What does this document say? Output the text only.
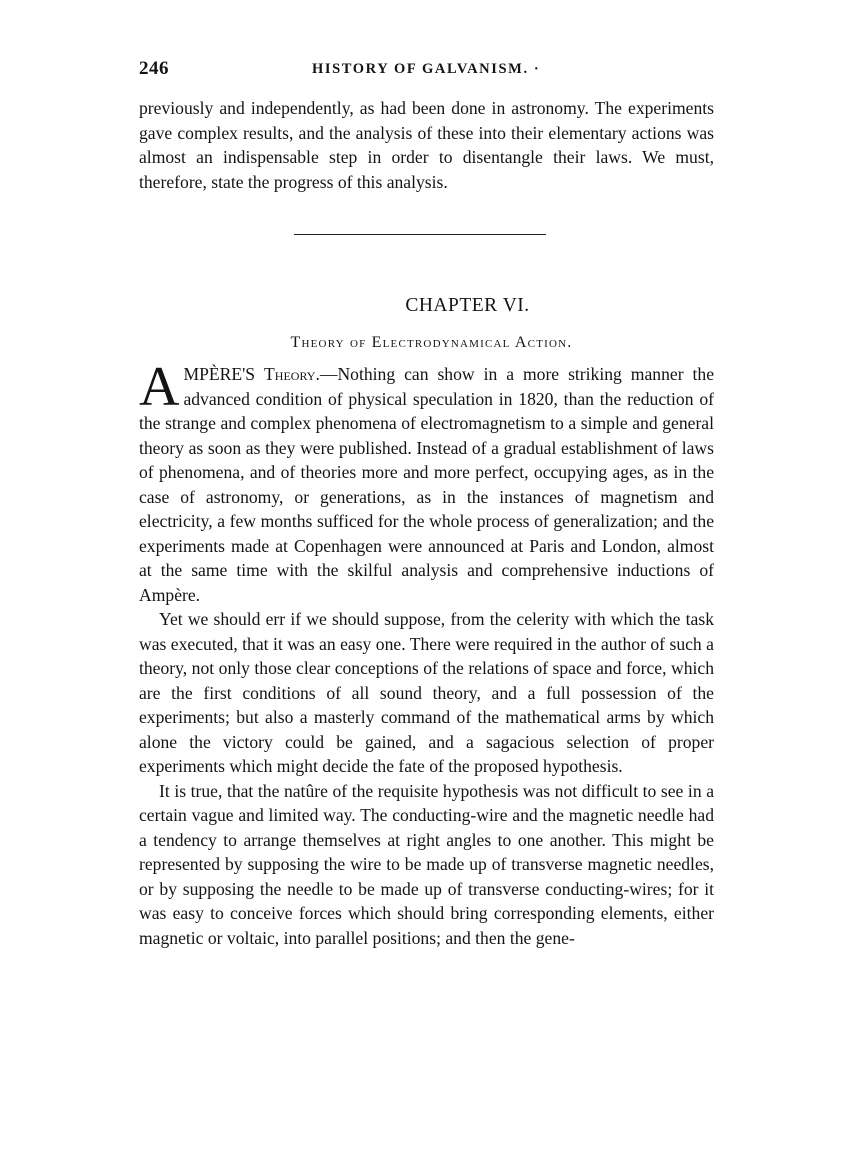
246	HISTORY OF GALVANISM. ·

previously and independently, as had been done in astronomy. The experiments gave complex results, and the analysis of these into their elementary actions was almost an indispensable step in order to disentangle their laws. We must, therefore, state the progress of this analysis.

CHAPTER VI.
Theory of Electrodynamical Action.

AMPÈRE'S Theory.—Nothing can show in a more striking manner the advanced condition of physical speculation in 1820, than the reduction of the strange and complex phenomena of electromagnetism to a simple and general theory as soon as they were published. Instead of a gradual establishment of laws of phenomena, and of theories more and more perfect, occupying ages, as in the case of astronomy, or generations, as in the instances of magnetism and electricity, a few months sufficed for the whole process of generalization; and the experiments made at Copenhagen were announced at Paris and London, almost at the same time with the skilful analysis and comprehensive inductions of Ampère.

Yet we should err if we should suppose, from the celerity with which the task was executed, that it was an easy one. There were required in the author of such a theory, not only those clear conceptions of the relations of space and force, which are the first conditions of all sound theory, and a full possession of the experiments; but also a masterly command of the mathematical arms by which alone the victory could be gained, and a sagacious selection of proper experiments which might decide the fate of the proposed hypothesis.

It is true, that the natûre of the requisite hypothesis was not difficult to see in a certain vague and limited way. The conducting-wire and the magnetic needle had a tendency to arrange themselves at right angles to one another. This might be represented by supposing the wire to be made up of transverse magnetic needles, or by supposing the needle to be made up of transverse conducting-wires; for it was easy to conceive forces which should bring corresponding elements, either magnetic or voltaic, into parallel positions; and then the gene-
